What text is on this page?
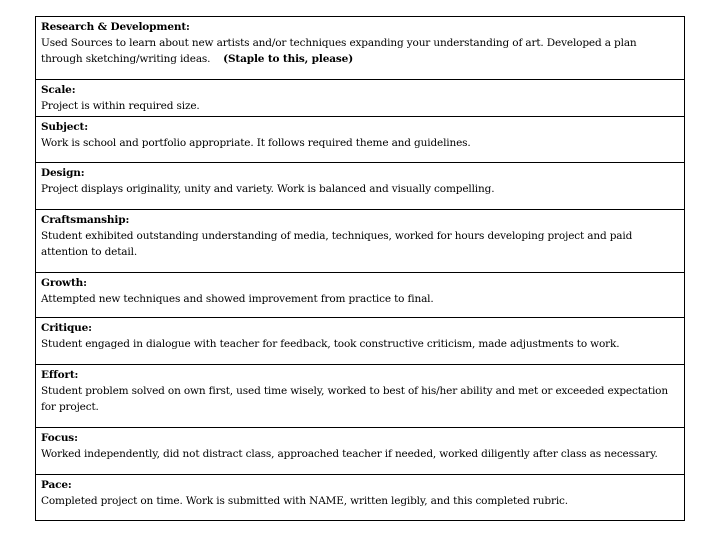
Research & Development:
Used Sources to learn about new artists and/or techniques expanding your understanding of art. Developed a plan through sketching/writing ideas. (Staple to this, please)
Scale:
Project is within required size.
Subject:
Work is school and portfolio appropriate. It follows required theme and guidelines.
Design:
Project displays originality, unity and variety. Work is balanced and visually compelling.
Craftsmanship:
Student exhibited outstanding understanding of media, techniques, worked for hours developing project and paid attention to detail.
Growth:
Attempted new techniques and showed improvement from practice to final.
Critique:
Student engaged in dialogue with teacher for feedback, took constructive criticism, made adjustments to work.
Effort:
Student problem solved on own first, used time wisely, worked to best of his/her ability and met or exceeded expectation for project.
Focus:
Worked independently, did not distract class, approached teacher if needed, worked diligently after class as necessary.
Pace:
Completed project on time. Work is submitted with NAME, written legibly, and this completed rubric.
